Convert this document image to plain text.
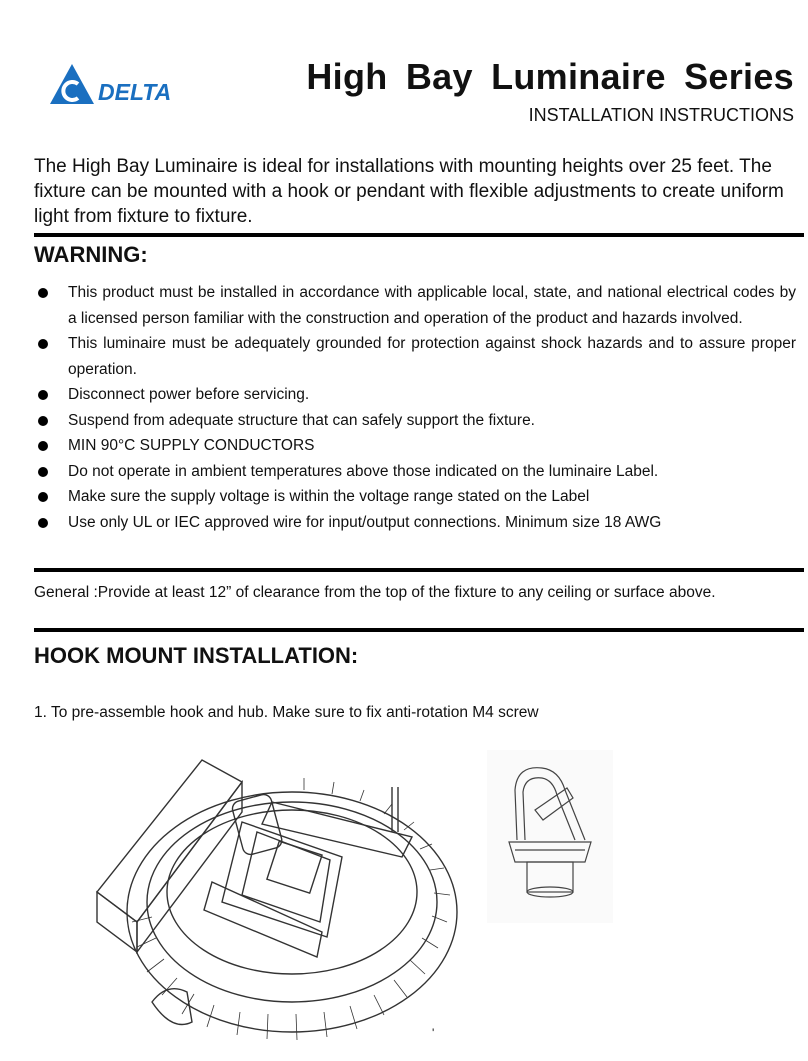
DELTA	High Bay Luminaire Series

INSTALLATION INSTRUCTIONS

The High Bay Luminaire is ideal for installations with mounting heights over 25 feet. The fixture can be mounted with a hook or pendant with flexible adjustments to create uniform light from fixture to fixture.

WARNING:
This product must be installed in accordance with applicable local, state, and national electrical codes by a licensed person familiar with the construction and operation of the product and hazards involved.
This luminaire must be adequately grounded for protection against shock hazards and to assure proper operation.
Disconnect power before servicing.
Suspend from adequate structure that can safely support the fixture.
MIN 90°C SUPPLY CONDUCTORS
Do not operate in ambient temperatures above those indicated on the luminaire Label.
Make sure the supply voltage is within the voltage range stated on the Label
Use only UL or IEC approved wire for input/output connections. Minimum size 18 AWG

General :Provide at least 12” of clearance from the top of the fixture to any ceiling or surface above.

HOOK MOUNT INSTALLATION:

1. To pre-assemble hook and hub. Make sure to fix anti-rotation M4 screw

'
